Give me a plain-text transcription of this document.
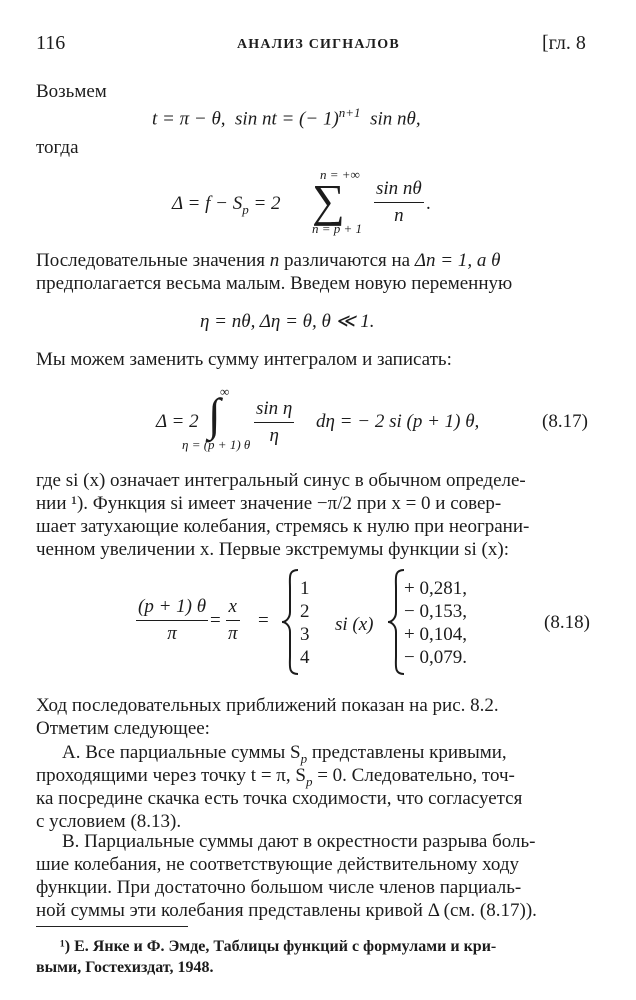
116	АНАЛИЗ СИГНАЛОВ	[гл. 8
Возьмем
t = π − θ, sin nt = (− 1)$^{n+1}$ sin nθ,
тогда
n = +∞
$\Delta = f - S_p = 2$ ∑
n = p + 1
$\frac{\text{sin nθ}}{n}$ .
Последовательные значения n различаются на Δn = 1, а θ
предполагается весьма малым. Введем новую переменную
η = nθ, Δη = θ, θ ≪ 1.
Мы можем заменить сумму интегралом и записать:
Δ = 2
∞
∫
η = (p + 1) θ $\frac{\text{sin η}}{\eta}$ dη = − 2 si (p + 1) θ,	(8.17)
где si (x) означает интегральный синус в обычном определе-
нии ¹). Функция si имеет значение −π/2 при x = 0 и совер-
шает затухающие колебания, стремясь к нулю при неограни-
ченном увеличении x. Первые экстремумы функции si (x):
$\frac{(p + 1) \theta}{\pi} = \frac{x}{\pi}$ =
1
2
3
4
si (x)
+ 0,281,
− 0,153,
+ 0,104,
− 0,079.
(8.18)
Ход последовательных приближений показан на рис. 8.2.
Отметим следующее:
А. Все парциальные суммы $S_p$ представлены кривыми,
проходящими через точку t = π, $S_p = 0$. Следовательно, точ-
ка посредине скачка есть точка сходимости, что согласуется
с условием (8.13).
В. Парциальные суммы дают в окрестности разрыва боль-
шие колебания, не соответствующие действительному ходу
функции. При достаточно большом числе членов парциаль-
ной суммы эти колебания представлены кривой Δ (см. (8.17)).
¹) Е. Янке и Ф. Эмде, Таблицы функций с формулами и кри-
выми, Гостехиздат, 1948.
